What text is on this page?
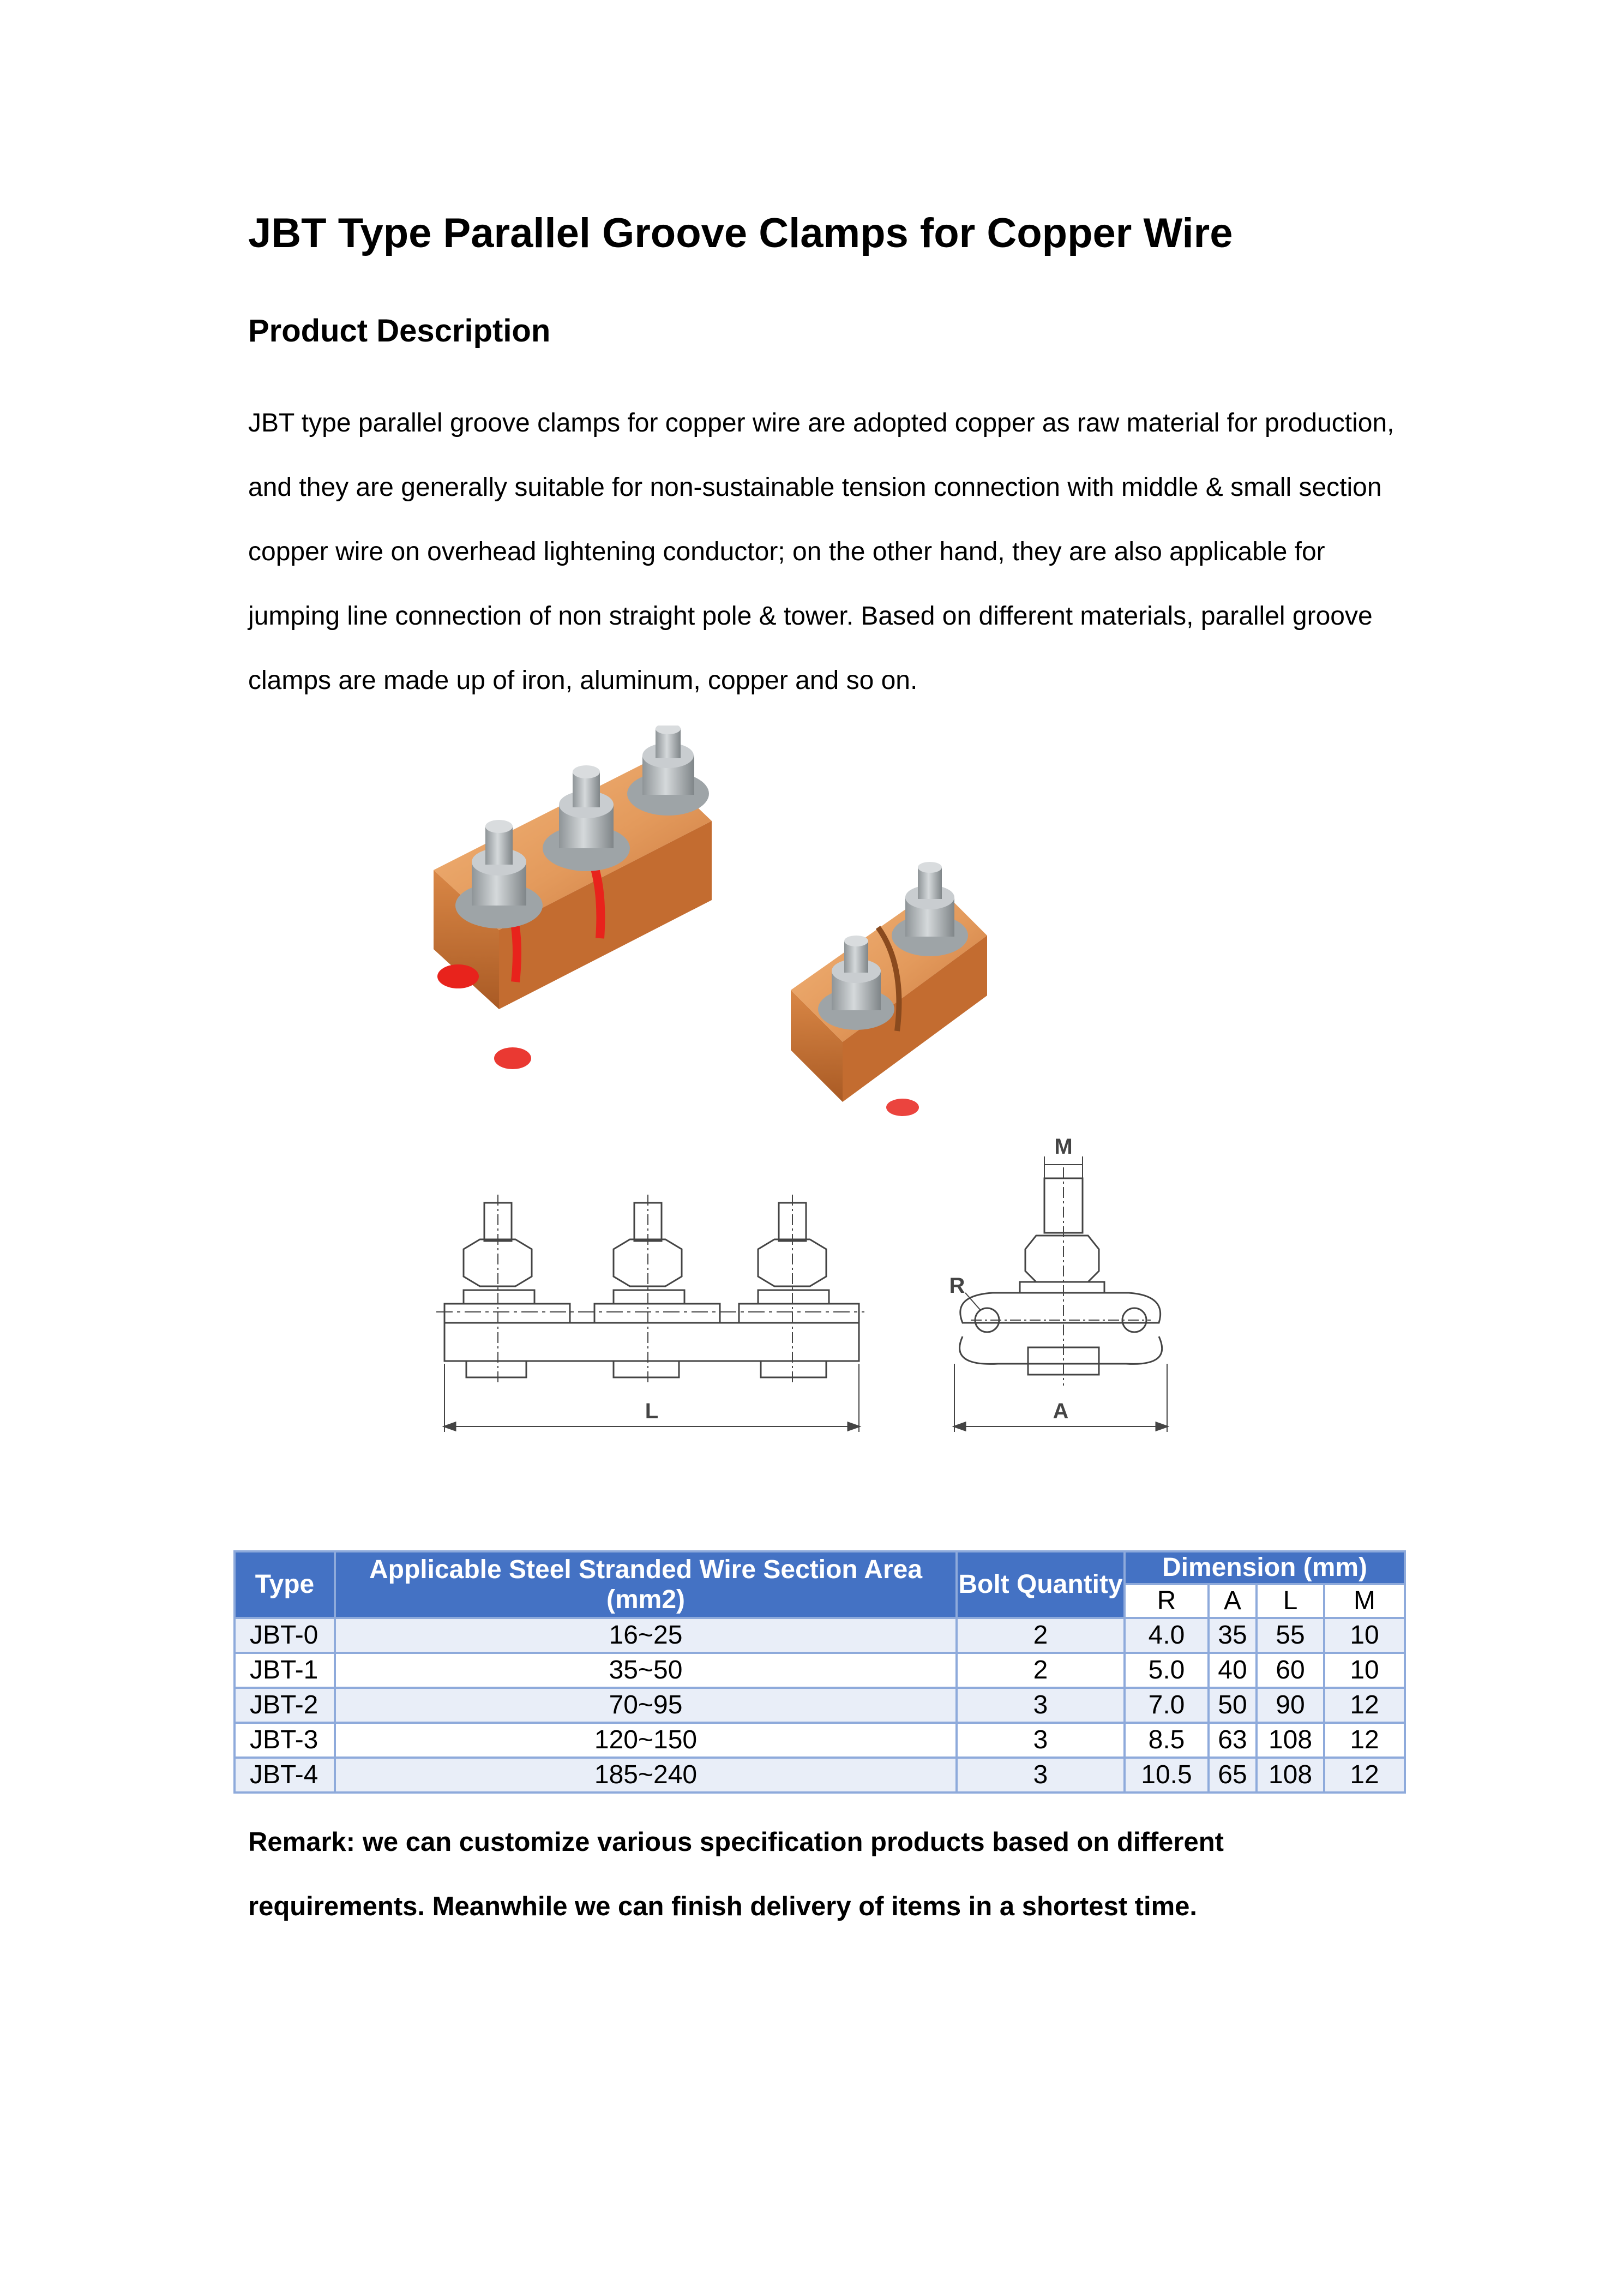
JBT Type Parallel Groove Clamps for Copper Wire
Product Description

JBT type parallel groove clamps for copper wire are adopted copper as raw material for production, and they are generally suitable for non-sustainable tension connection with middle & small section copper wire on overhead lightening conductor; on the other hand, they are also applicable for jumping line connection of non straight pole & tower. Based on different materials, parallel groove clamps are made up of iron, aluminum, copper and so on.

L
M
R
A
Type	Applicable Steel Stranded Wire Section Area (mm2)	Bolt Quantity	Dimension (mm)			
			R	A	L	M
JBT-0	16~25	2	4.0	35	55	10
JBT-1	35~50	2	5.0	40	60	10
JBT-2	70~95	3	7.0	50	90	12
JBT-3	120~150	3	8.5	63	108	12
JBT-4	185~240	3	10.5	65	108	12

Remark: we can customize various specification products based on different requirements. Meanwhile we can finish delivery of items in a shortest time.
